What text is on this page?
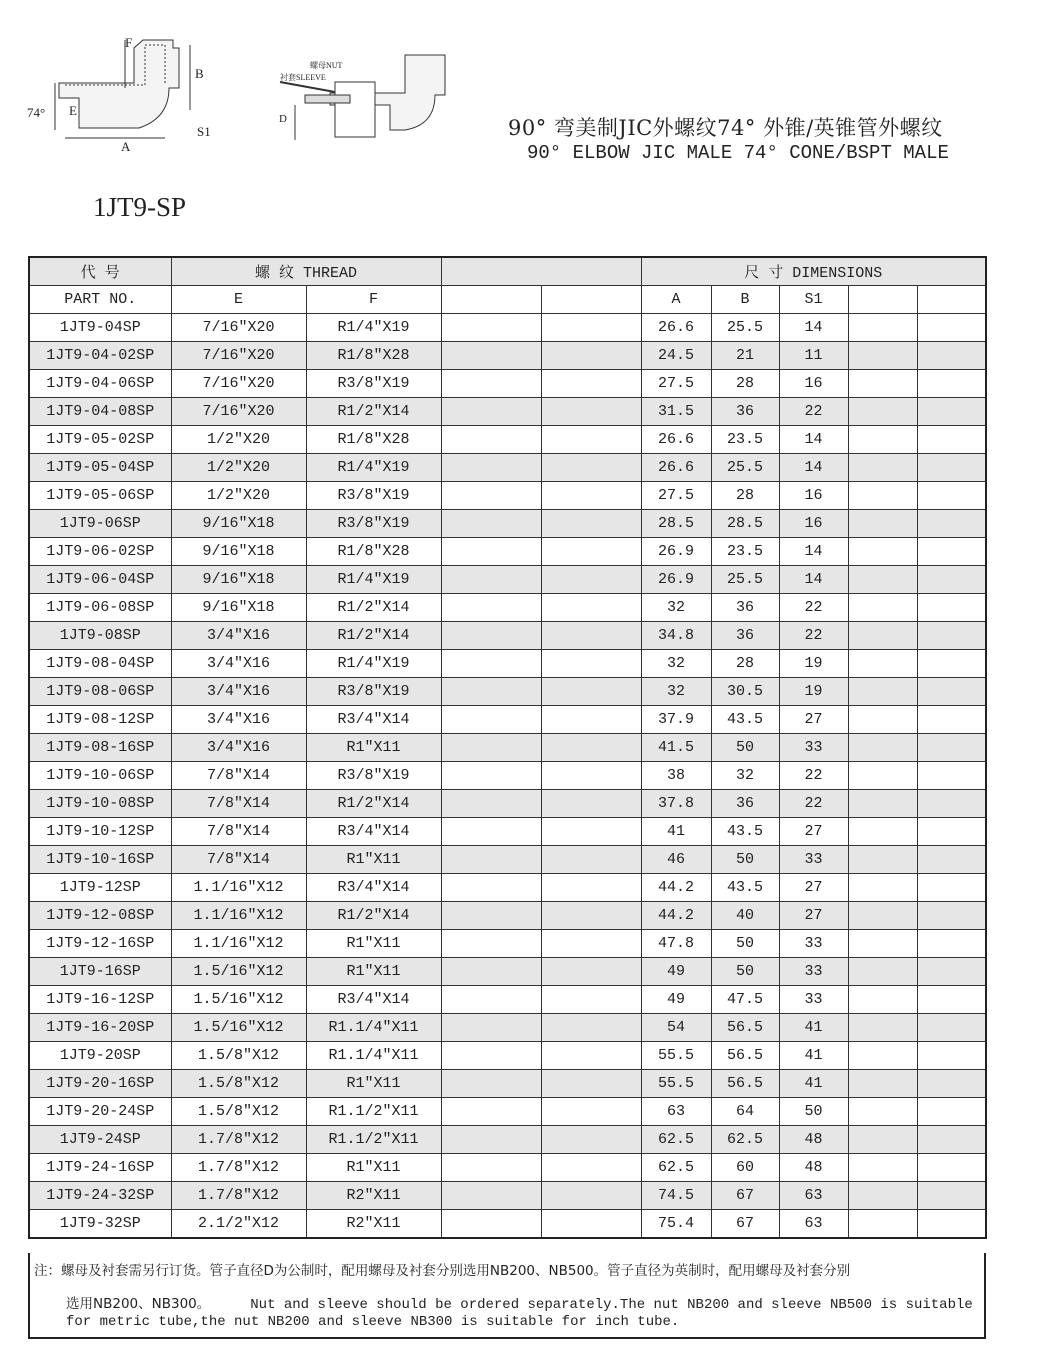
F
B
74° E
S1
A
螺母NUT
衬套SLEEVE
D	90° 弯美制JIC外螺纹74° 外锥/英锥管外螺纹
90° ELBOW JIC MALE 74° CONE/BSPT MALE
1JT9-SP
代 号	螺 纹 THREAD				尺 寸 DIMENSIONS				
PART NO.	E	F			A	B	S1		
1JT9-04SP	7/16″X20	R1/4″X19			26.6	25.5	14		
1JT9-04-02SP	7/16″X20	R1/8″X28			24.5	21	11		
1JT9-04-06SP	7/16″X20	R3/8″X19			27.5	28	16		
1JT9-04-08SP	7/16″X20	R1/2″X14			31.5	36	22		
1JT9-05-02SP	1/2″X20	R1/8″X28			26.6	23.5	14		
1JT9-05-04SP	1/2″X20	R1/4″X19			26.6	25.5	14		
1JT9-05-06SP	1/2″X20	R3/8″X19			27.5	28	16		
1JT9-06SP	9/16″X18	R3/8″X19			28.5	28.5	16		
1JT9-06-02SP	9/16″X18	R1/8″X28			26.9	23.5	14		
1JT9-06-04SP	9/16″X18	R1/4″X19			26.9	25.5	14		
1JT9-06-08SP	9/16″X18	R1/2″X14			32	36	22		
1JT9-08SP	3/4″X16	R1/2″X14			34.8	36	22		
1JT9-08-04SP	3/4″X16	R1/4″X19			32	28	19		
1JT9-08-06SP	3/4″X16	R3/8″X19			32	30.5	19		
1JT9-08-12SP	3/4″X16	R3/4″X14			37.9	43.5	27		
1JT9-08-16SP	3/4″X16	R1″X11			41.5	50	33		
1JT9-10-06SP	7/8″X14	R3/8″X19			38	32	22		
1JT9-10-08SP	7/8″X14	R1/2″X14			37.8	36	22		
1JT9-10-12SP	7/8″X14	R3/4″X14			41	43.5	27		
1JT9-10-16SP	7/8″X14	R1″X11			46	50	33		
1JT9-12SP	1.1/16″X12	R3/4″X14			44.2	43.5	27		
1JT9-12-08SP	1.1/16″X12	R1/2″X14			44.2	40	27		
1JT9-12-16SP	1.1/16″X12	R1″X11			47.8	50	33		
1JT9-16SP	1.5/16″X12	R1″X11			49	50	33		
1JT9-16-12SP	1.5/16″X12	R3/4″X14			49	47.5	33		
1JT9-16-20SP	1.5/16″X12	R1.1/4″X11			54	56.5	41		
1JT9-20SP	1.5/8″X12	R1.1/4″X11			55.5	56.5	41		
1JT9-20-16SP	1.5/8″X12	R1″X11			55.5	56.5	41		
1JT9-20-24SP	1.5/8″X12	R1.1/2″X11			63	64	50		
1JT9-24SP	1.7/8″X12	R1.1/2″X11			62.5	62.5	48		
1JT9-24-16SP	1.7/8″X12	R1″X11			62.5	60	48		
1JT9-24-32SP	1.7/8″X12	R2″X11			74.5	67	63		
1JT9-32SP	2.1/2″X12	R2″X11			75.4	67	63		
注：螺母及衬套需另行订货。管子直径D为公制时，配用螺母及衬套分别选用NB200、NB500。管子直径为英制时，配用螺母及衬套分别
选用NB200、NB300。	Nut and sleeve should be ordered separately.The nut NB200 and sleeve NB500 is suitable
for metric tube,the nut NB200 and sleeve NB300 is suitable for inch tube.
